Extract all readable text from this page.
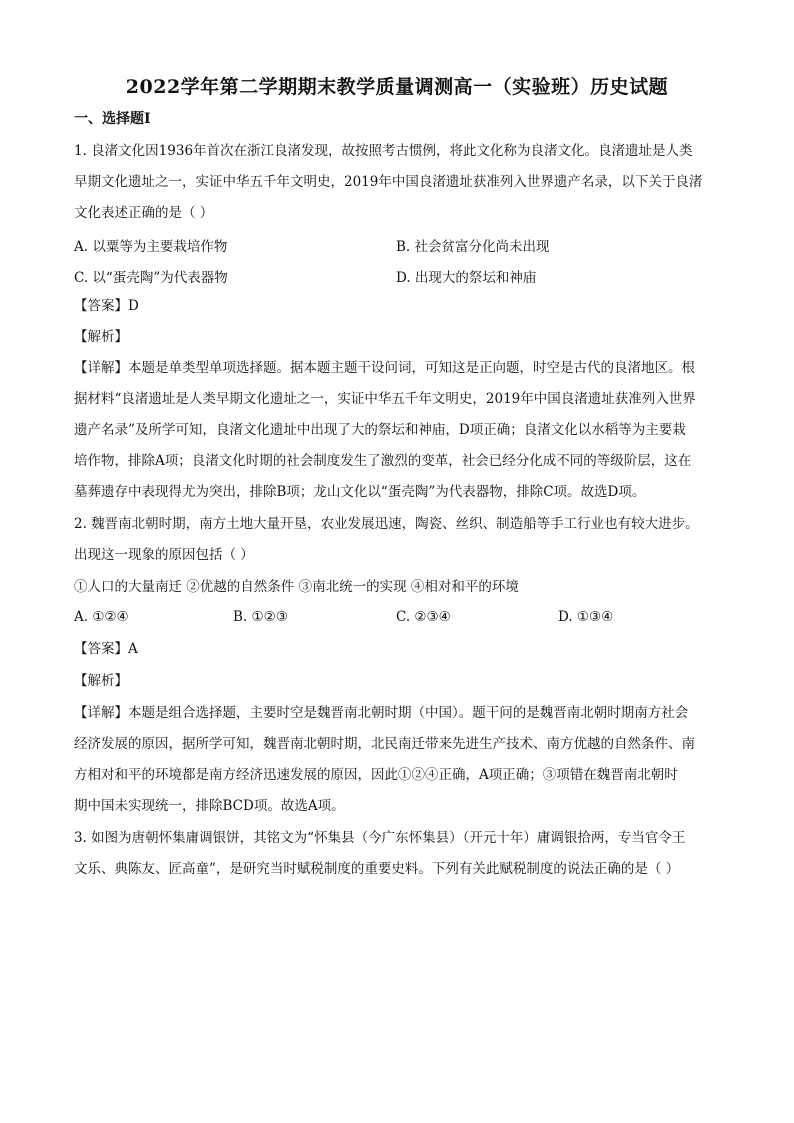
2022学年第二学期期末教学质量调测高一（实验班）历史试题
一、选择题Ⅰ
1. 良渚文化因1936年首次在浙江良渚发现，故按照考古惯例，将此文化称为良渚文化。良渚遗址是人类
早期文化遗址之一，实证中华五千年文明史，2019年中国良渚遗址获准列入世界遗产名录，以下关于良渚
文化表述正确的是（ ）
A. 以粟等为主要栽培作物	B. 社会贫富分化尚未出现
C. 以“蛋壳陶”为代表器物	D. 出现大的祭坛和神庙
【答案】D
【解析】
【详解】本题是单类型单项选择题。据本题主题干设问词，可知这是正向题，时空是古代的良渚地区。根
据材料“良渚遗址是人类早期文化遗址之一，实证中华五千年文明史，2019年中国良渚遗址获准列入世界
遗产名录”及所学可知，良渚文化遗址中出现了大的祭坛和神庙，D项正确；良渚文化以水稻等为主要栽
培作物，排除A项；良渚文化时期的社会制度发生了激烈的变革，社会已经分化成不同的等级阶层，这在
墓葬遗存中表现得尤为突出，排除B项；龙山文化以“蛋壳陶”为代表器物，排除C项。故选D项。
2. 魏晋南北朝时期，南方土地大量开垦，农业发展迅速，陶瓷、丝织、制造船等手工行业也有较大进步。
出现这一现象的原因包括（ ）
①人口的大量南迁 ②优越的自然条件 ③南北统一的实现 ④相对和平的环境
A. ①②④	B. ①②③	C. ②③④	D. ①③④
【答案】A
【解析】
【详解】本题是组合选择题，主要时空是魏晋南北朝时期（中国）。题干问的是魏晋南北朝时期南方社会
经济发展的原因，据所学可知，魏晋南北朝时期，北民南迁带来先进生产技术、南方优越的自然条件、南
方相对和平的环境都是南方经济迅速发展的原因，因此①②④正确，A项正确；③项错在魏晋南北朝时
期中国未实现统一，排除BCD项。故选A项。
3. 如图为唐朝怀集庸调银饼，其铭文为“怀集县（今广东怀集县）（开元十年）庸调银拾两，专当官令王
文乐、典陈友、匠高童”，是研究当时赋税制度的重要史料。下列有关此赋税制度的说法正确的是（ ）
